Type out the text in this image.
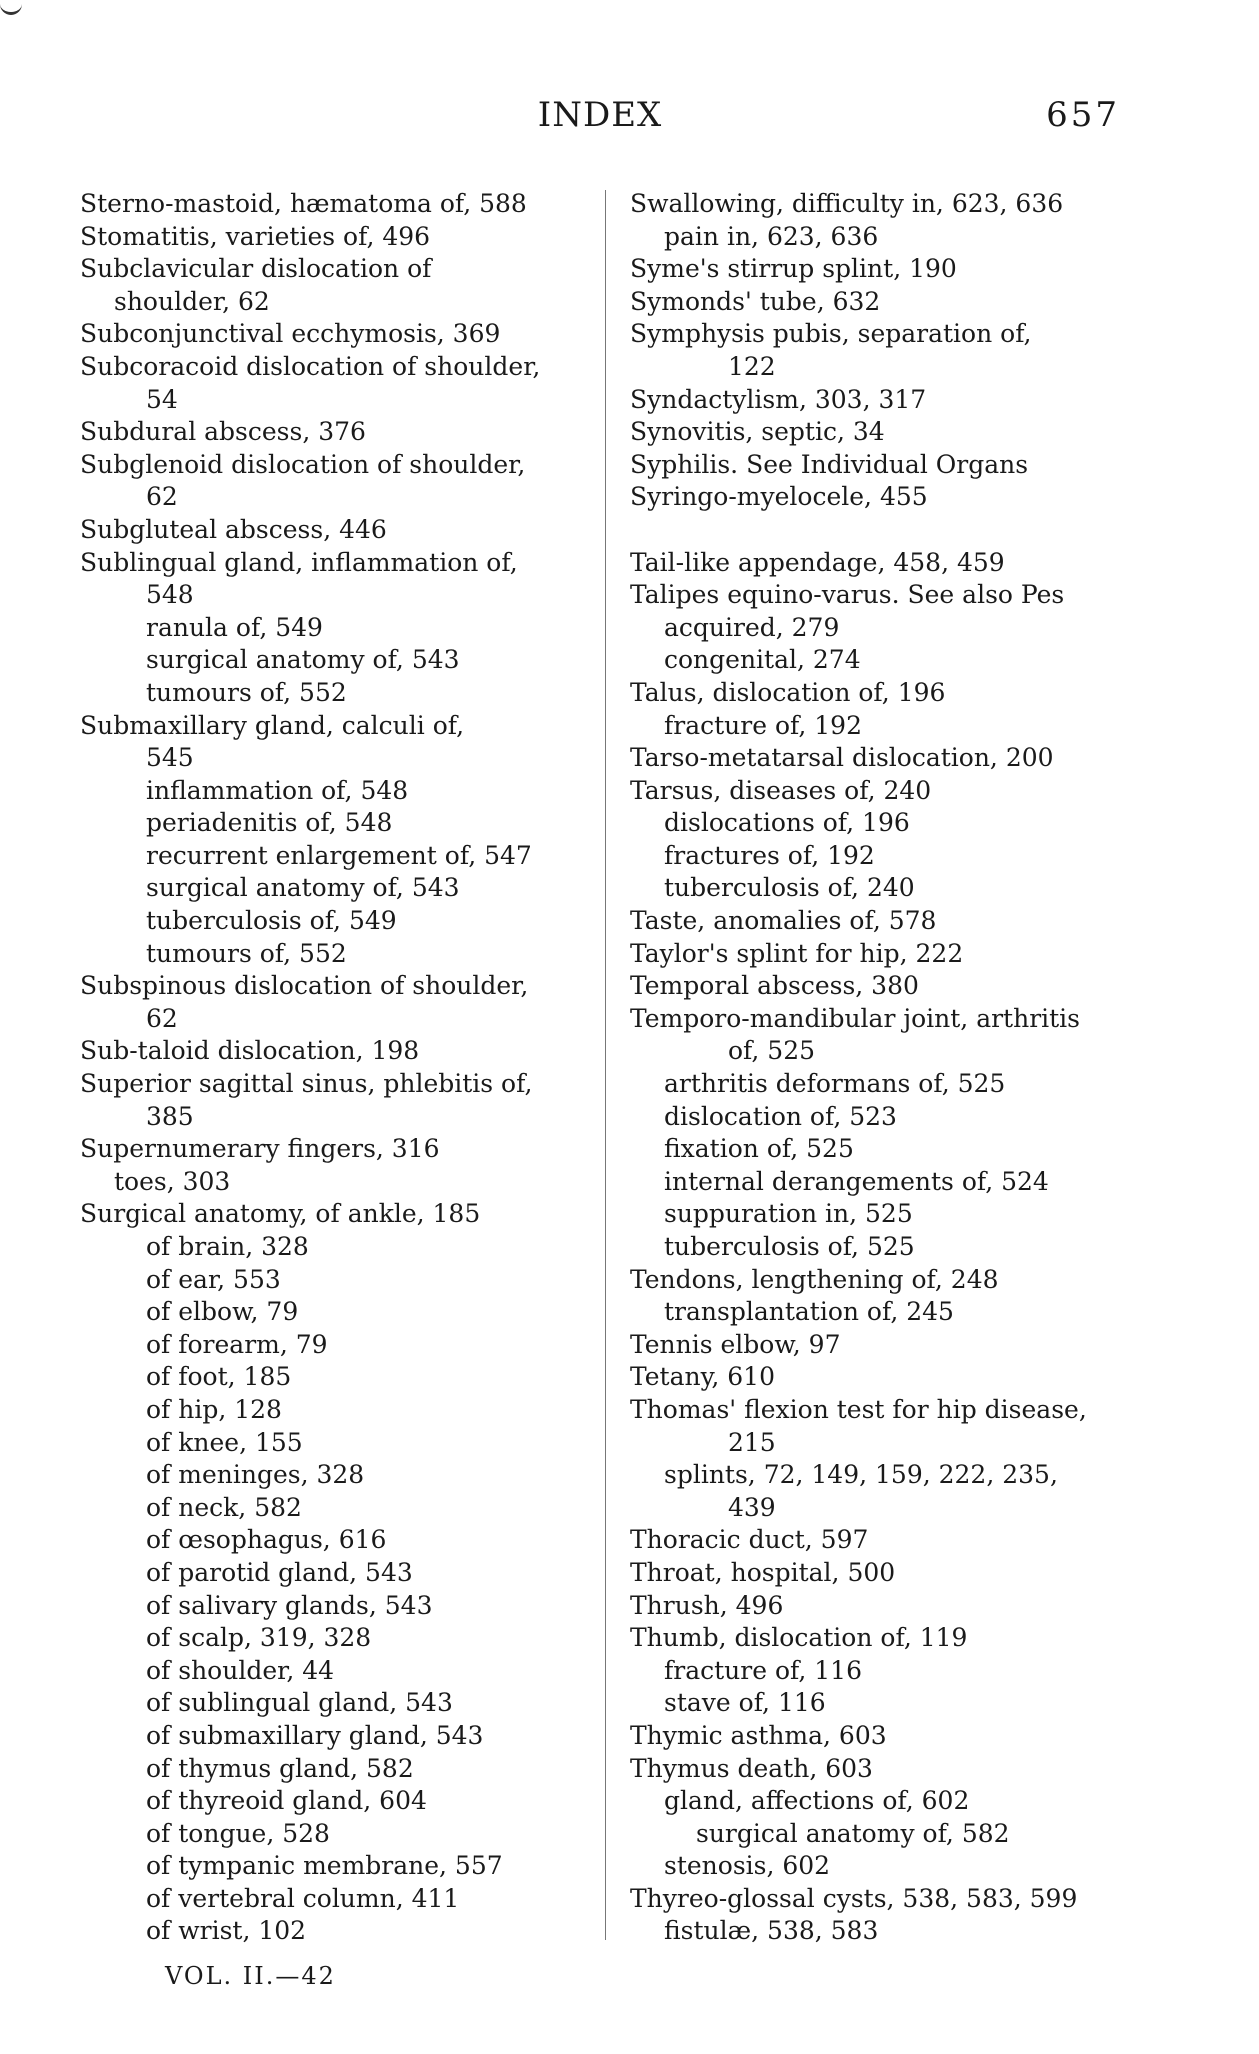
INDEX	657
Sterno-mastoid, hæmatoma of, 588
Stomatitis, varieties of, 496
Subclavicular dislocation of
shoulder, 62
Subconjunctival ecchymosis, 369
Subcoracoid dislocation of shoulder,
54
Subdural abscess, 376
Subglenoid dislocation of shoulder,
62
Subgluteal abscess, 446
Sublingual gland, inflammation of,
548
ranula of, 549
surgical anatomy of, 543
tumours of, 552
Submaxillary gland, calculi of,
545
inflammation of, 548
periadenitis of, 548
recurrent enlargement of, 547
surgical anatomy of, 543
tuberculosis of, 549
tumours of, 552
Subspinous dislocation of shoulder,
62
Sub-taloid dislocation, 198
Superior sagittal sinus, phlebitis of,
385
Supernumerary fingers, 316
toes, 303
Surgical anatomy, of ankle, 185
of brain, 328
of ear, 553
of elbow, 79
of forearm, 79
of foot, 185
of hip, 128
of knee, 155
of meninges, 328
of neck, 582
of œsophagus, 616
of parotid gland, 543
of salivary glands, 543
of scalp, 319, 328
of shoulder, 44
of sublingual gland, 543
of submaxillary gland, 543
of thymus gland, 582
of thyreoid gland, 604
of tongue, 528
of tympanic membrane, 557
of vertebral column, 411
of wrist, 102
Swallowing, difficulty in, 623, 636
pain in, 623, 636
Syme's stirrup splint, 190
Symonds' tube, 632
Symphysis pubis, separation of,
122
Syndactylism, 303, 317
Synovitis, septic, 34
Syphilis. See Individual Organs
Syringo-myelocele, 455
Tail-like appendage, 458, 459
Talipes equino-varus. See also Pes
acquired, 279
congenital, 274
Talus, dislocation of, 196
fracture of, 192
Tarso-metatarsal dislocation, 200
Tarsus, diseases of, 240
dislocations of, 196
fractures of, 192
tuberculosis of, 240
Taste, anomalies of, 578
Taylor's splint for hip, 222
Temporal abscess, 380
Temporo-mandibular joint, arthritis
of, 525
arthritis deformans of, 525
dislocation of, 523
fixation of, 525
internal derangements of, 524
suppuration in, 525
tuberculosis of, 525
Tendons, lengthening of, 248
transplantation of, 245
Tennis elbow, 97
Tetany, 610
Thomas' flexion test for hip disease,
215
splints, 72, 149, 159, 222, 235,
439
Thoracic duct, 597
Throat, hospital, 500
Thrush, 496
Thumb, dislocation of, 119
fracture of, 116
stave of, 116
Thymic asthma, 603
Thymus death, 603
gland, affections of, 602
surgical anatomy of, 582
stenosis, 602
Thyreo-glossal cysts, 538, 583, 599
fistulæ, 538, 583
VOL. II.—42
